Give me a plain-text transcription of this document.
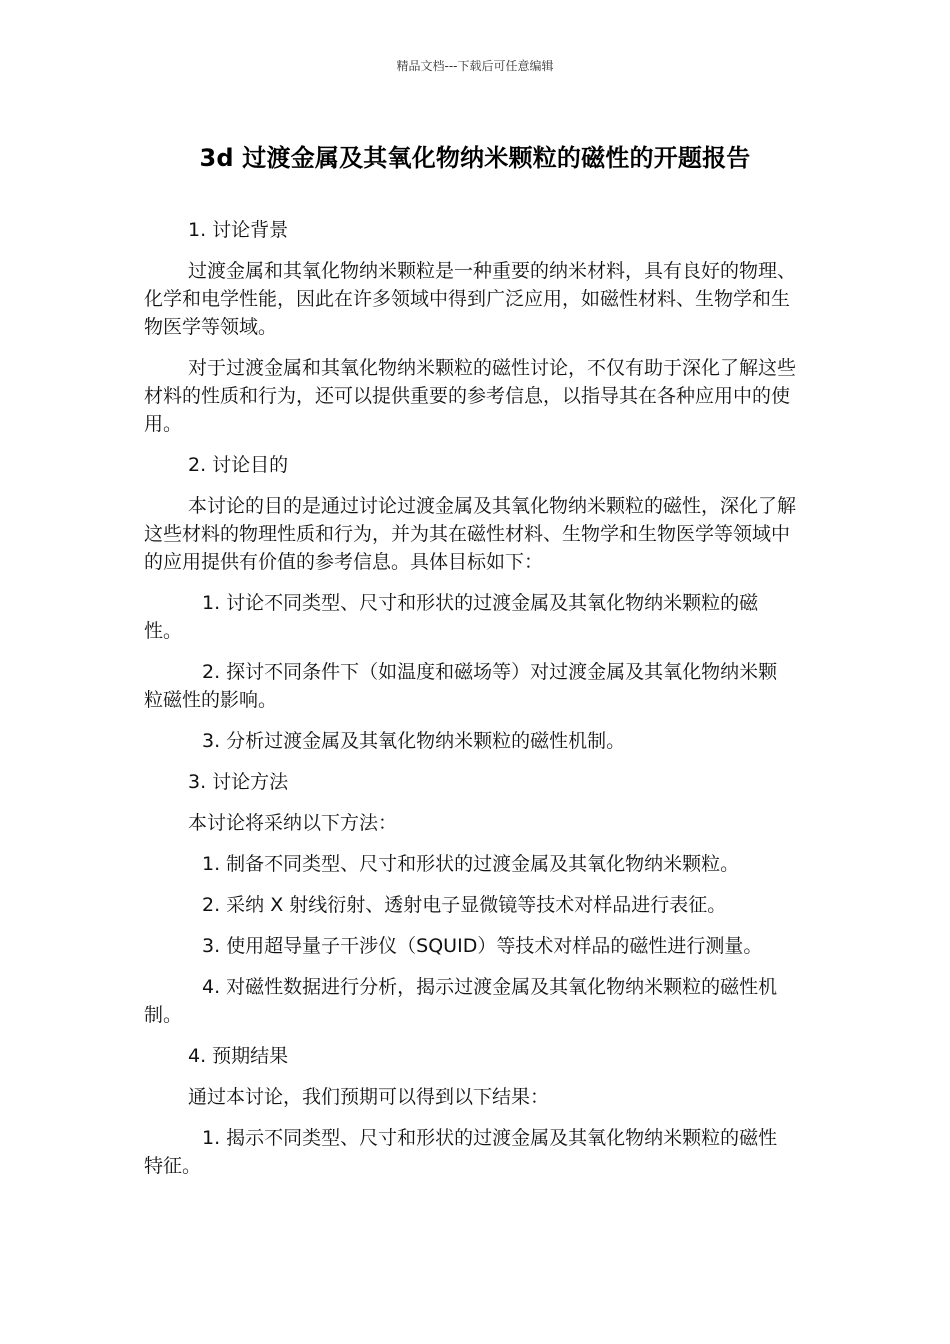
精品文档---下载后可任意编辑
3d 过渡金属及其氧化物纳米颗粒的磁性的开题报告

1. 讨论背景

过渡金属和其氧化物纳米颗粒是一种重要的纳米材料，具有良好的物理、化学和电学性能，因此在许多领域中得到广泛应用，如磁性材料、生物学和生物医学等领域。

对于过渡金属和其氧化物纳米颗粒的磁性讨论，不仅有助于深化了解这些材料的性质和行为，还可以提供重要的参考信息，以指导其在各种应用中的使用。

2. 讨论目的

本讨论的目的是通过讨论过渡金属及其氧化物纳米颗粒的磁性，深化了解这些材料的物理性质和行为，并为其在磁性材料、生物学和生物医学等领域中的应用提供有价值的参考信息。具体目标如下：

1. 讨论不同类型、尺寸和形状的过渡金属及其氧化物纳米颗粒的磁性。

2. 探讨不同条件下（如温度和磁场等）对过渡金属及其氧化物纳米颗粒磁性的影响。

3. 分析过渡金属及其氧化物纳米颗粒的磁性机制。

3. 讨论方法

本讨论将采纳以下方法：

1. 制备不同类型、尺寸和形状的过渡金属及其氧化物纳米颗粒。

2. 采纳 X 射线衍射、透射电子显微镜等技术对样品进行表征。

3. 使用超导量子干涉仪（SQUID）等技术对样品的磁性进行测量。

4. 对磁性数据进行分析，揭示过渡金属及其氧化物纳米颗粒的磁性机制。

4. 预期结果

通过本讨论，我们预期可以得到以下结果：

1. 揭示不同类型、尺寸和形状的过渡金属及其氧化物纳米颗粒的磁性特征。
